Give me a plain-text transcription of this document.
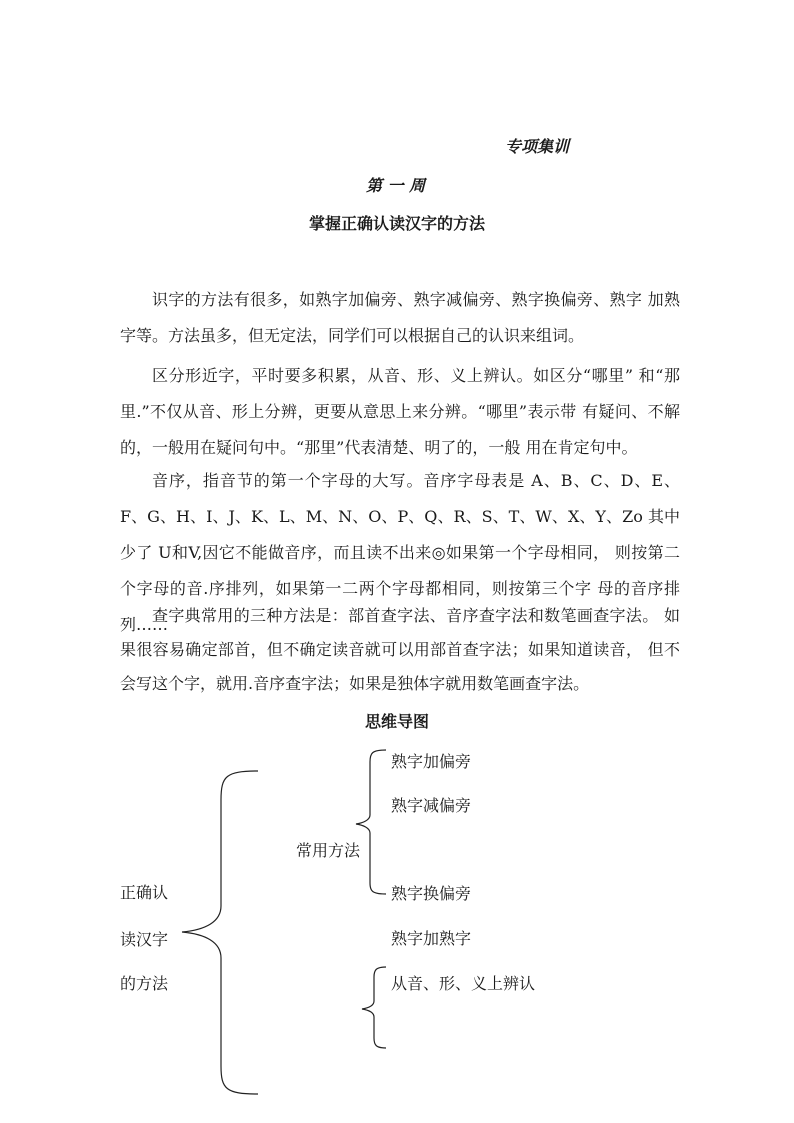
专项集训
第 一 周
掌握正确认读汉字的方法
识字的方法有很多，如熟字加偏旁、熟字减偏旁、熟字换偏旁、熟字 加熟字等。方法虽多，但无定法，同学们可以根据自己的认识来组词。
区分形近字，平时要多积累，从音、形、义上辨认。如区分“哪里” 和“那里.”不仅从音、形上分辨，更要从意思上来分辨。“哪里”表示带 有疑问、不解的，一般用在疑问句中。“那里”代表清楚、明了的，一般 用在肯定句中。
音序，指音节的第一个字母的大写。音序字母表是 A、B、C、D、E、 F、G、H、I、J、K、L、M、N、O、P、Q、R、S、T、W、X、Y、Zo 其中少了 U和V,因它不能做音序，而且读不出来◎如果第一个字母相同， 则按第二个字母的音.序排列，如果第一二两个字母都相同，则按第三个字 母的音序排列……
查字典常用的三种方法是：部首查字法、音序查字法和数笔画查字法。 如果很容易确定部首，但不确定读音就可以用部首查字法；如果知道读音， 但不会写这个字，就用.音序查字法；如果是独体字就用数笔画查字法。
思维导图
正确认
读汉字
的方法
常用方法
熟字加偏旁
熟字减偏旁
熟字换偏旁
熟字加熟字
从音、形、义上辨认
